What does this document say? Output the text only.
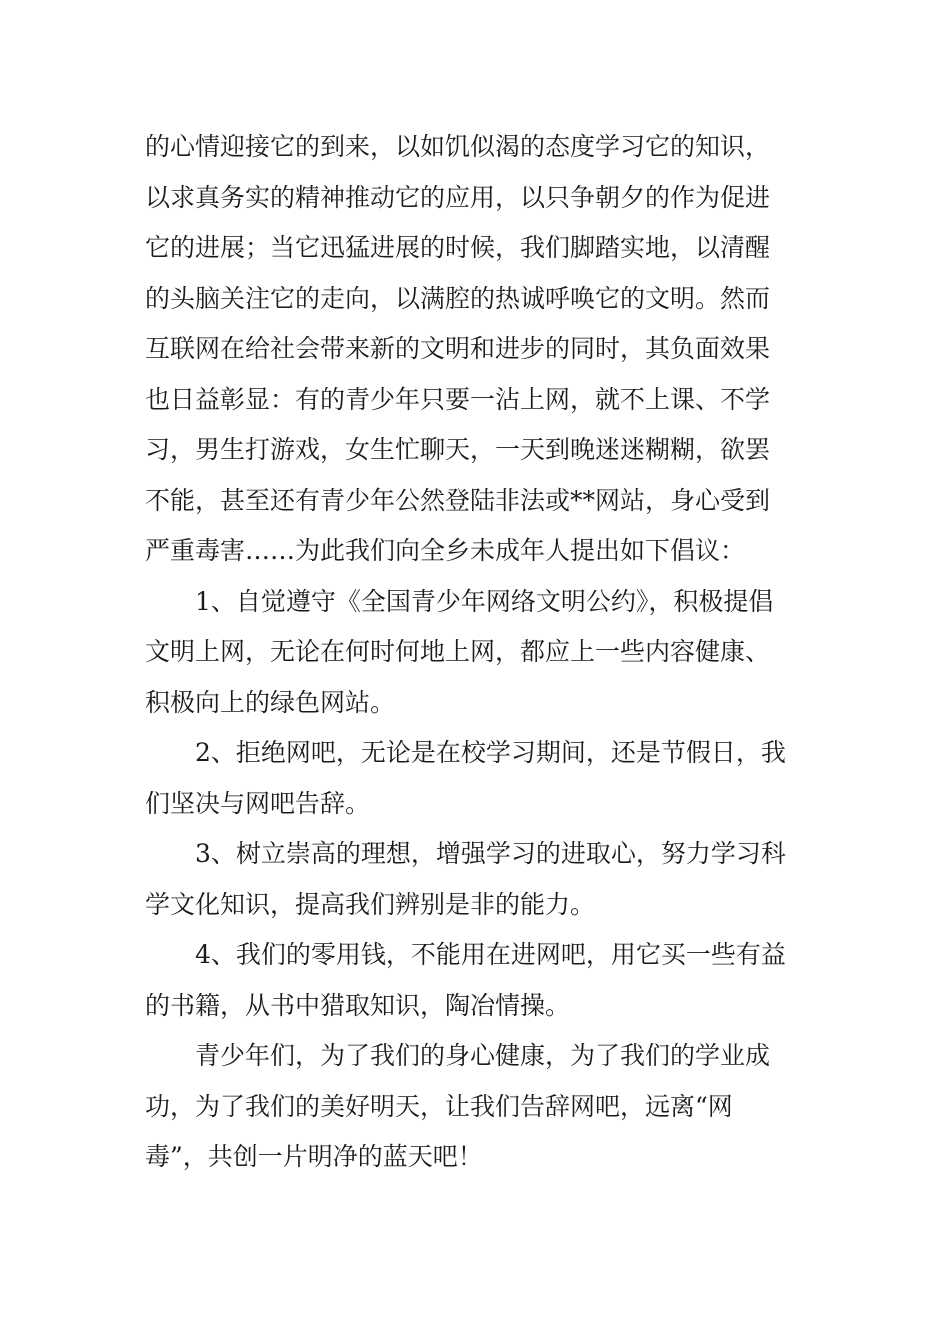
的心情迎接它的到来，以如饥似渴的态度学习它的知识，
以求真务实的精神推动它的应用，以只争朝夕的作为促进
它的进展；当它迅猛进展的时候，我们脚踏实地，以清醒
的头脑关注它的走向，以满腔的热诚呼唤它的文明。然而
互联网在给社会带来新的文明和进步的同时，其负面效果
也日益彰显：有的青少年只要一沾上网，就不上课、不学
习，男生打游戏，女生忙聊天，一天到晚迷迷糊糊，欲罢
不能，甚至还有青少年公然登陆非法或**网站，身心受到
严重毒害……为此我们向全乡未成年人提出如下倡议：
1、自觉遵守《全国青少年网络文明公约》，积极提倡
文明上网，无论在何时何地上网，都应上一些内容健康、
积极向上的绿色网站。
2、拒绝网吧，无论是在校学习期间，还是节假日，我
们坚决与网吧告辞。
3、树立崇高的理想，增强学习的进取心，努力学习科
学文化知识，提高我们辨别是非的能力。
4、我们的零用钱，不能用在进网吧，用它买一些有益
的书籍，从书中猎取知识，陶冶情操。
青少年们，为了我们的身心健康，为了我们的学业成
功，为了我们的美好明天，让我们告辞网吧，远离“网
毒”，共创一片明净的蓝天吧！
